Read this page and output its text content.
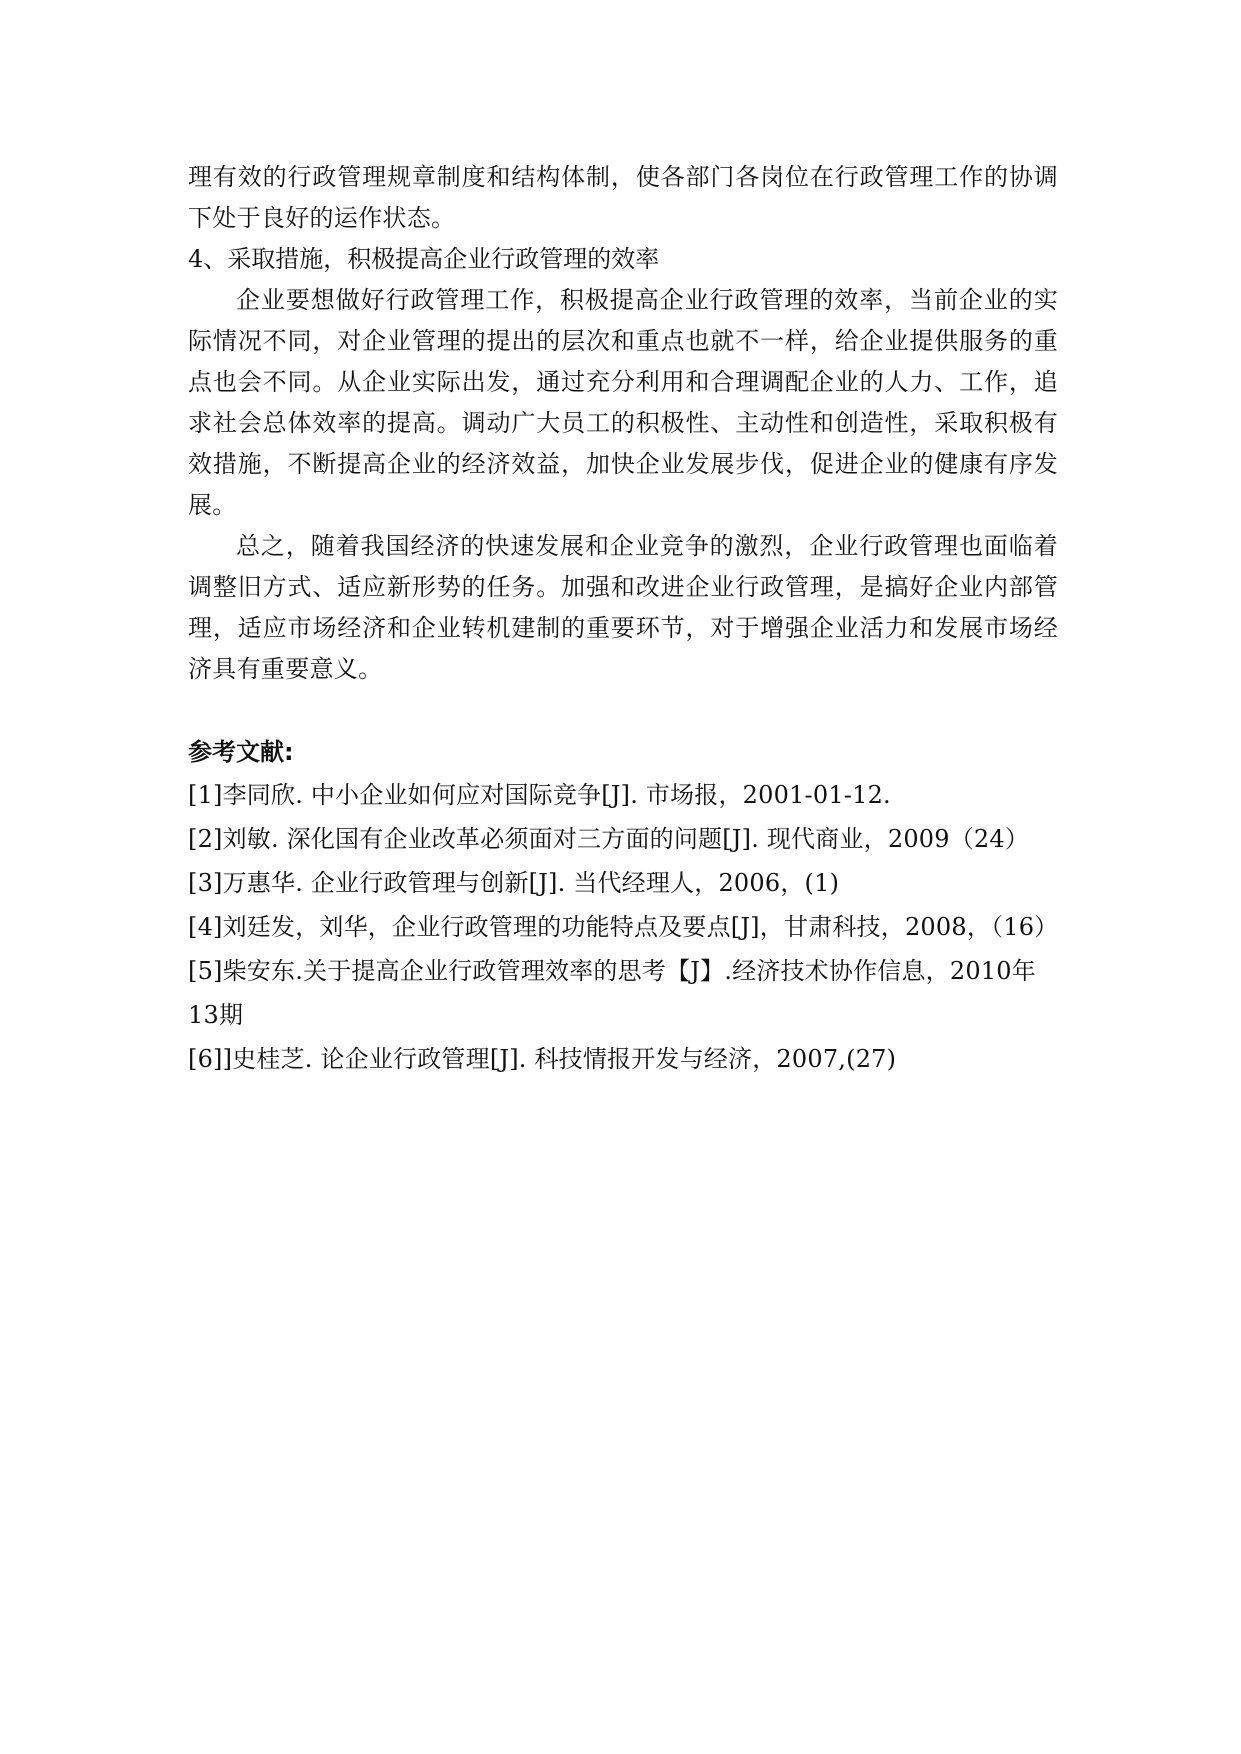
理有效的行政管理规章制度和结构体制，使各部门各岗位在行政管理工作的协调下处于良好的运作状态。

4、采取措施，积极提高企业行政管理的效率

企业要想做好行政管理工作，积极提高企业行政管理的效率，当前企业的实际情况不同，对企业管理的提出的层次和重点也就不一样，给企业提供服务的重点也会不同。从企业实际出发，通过充分利用和合理调配企业的人力、工作，追求社会总体效率的提高。调动广大员工的积极性、主动性和创造性，采取积极有效措施，不断提高企业的经济效益，加快企业发展步伐，促进企业的健康有序发展。

总之，随着我国经济的快速发展和企业竞争的激烈，企业行政管理也面临着调整旧方式、适应新形势的任务。加强和改进企业行政管理，是搞好企业内部管理，适应市场经济和企业转机建制的重要环节，对于增强企业活力和发展市场经济具有重要意义。

参考文献:

[1]李同欣. 中小企业如何应对国际竞争[J]. 市场报，2001-01-12.

[2]刘敏. 深化国有企业改革必须面对三方面的问题[J]. 现代商业，2009（24）

[3]万惠华. 企业行政管理与创新[J]. 当代经理人，2006，(1)

[4]刘廷发，刘华，企业行政管理的功能特点及要点[J]，甘肃科技，2008，（16）

[5]柴安东.关于提高企业行政管理效率的思考【J】.经济技术协作信息，2010年13期

[6]]史桂芝. 论企业行政管理[J]. 科技情报开发与经济，2007,(27)
